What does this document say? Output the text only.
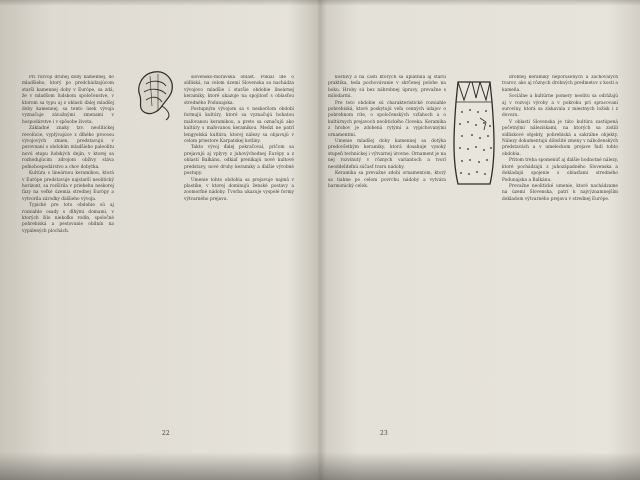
Pri rozvoji druhej doby kamennej, do mladšieho, ktorý po predchádzajúcom starší kamennej doby v Európe, sa zdá, že v mladšom ľudskom spoločenstve, v ktorom sa typu aj z oblasti ďalej mladšej doby kamennej, sa tento úsek vývoja vyznačuje závažnými zmenami v hospodárstve i v spôsobe života.

Základné znaky tzv. neolitickej revolúcie, vyplývajúce z dlhého procesu vývojových zmien, predstavujú v porovnaní s obdobím mladšieho paleolitu novú etapu ľudských dejín, v ktorej sa rozhodujúcim zdrojom obživy stáva poľnohospodárstvo a chov dobytka.

Kultúra s lineárnou keramikou, ktorá v Európe predstavuje najstarší neolitický horizont, sa rozšírila v priebehu neskorej fázy na veľké územia strednej Európy a vytvorila zárodky ďalšieho vývoja.

Typické pre toto obdobie sú aj rozsiahle osady s dlhými domami, v ktorých žilo niekoľko rodín, spoločné pohrebiská a pestovanie obilnín na vypálených plochách.

slovensko-moravská oblasť. Pokiaľ ide o sídliská, na celom území Slovenska sa nachádza vývojovo mladšie i staršie obdobie lineárnej keramiky, ktoré ukazuje na spojitosť s oblasťou stredného Podunajska.

Postupným vývojom sa v neskoršom období formujú kultúry, ktoré sa vyznačujú bohatou maľovanou keramikou, a preto sa označujú ako kultúry s maľovanou keramikou. Medzi ne patrí lengyelská kultúra, ktorej nálezy sa objavujú v celom priestore Karpatskej kotliny.

Takto vývoj ďalej pokračoval, pričom sa prejavujú aj vplyvy z juhovýchodnej Európy a z oblastí Balkánu, odkiaľ prenikajú nové kultové predstavy, nové druhy keramiky a ďalšie výrobné postupy.

Umenie tohto obdobia sa prejavuje najmä v plastike, v ktorej dominujú ženské postavy a zoomorfné nádoby. Tvorba ukazuje vyspelé formy výtvarného prejavu.

22

kostlivý a na časti ktorých sa uplatnila aj starší praktika, teda pochovávanie v skrčenej polohe na boku. Hroby sú bez náhrobnej úpravy, prevažne s milodarmi.

Pre toto obdobie sú charakteristické rozsiahle pohrebiská, ktoré poskytujú veľa cenných údajov o pohrebnom ríte, o spoločenských vzťahoch a o kultúrnych prejavoch neolitického človeka. Keramika z hrobov je zdobená rytými a vypichovanými ornamentmi.

Umenie mladšej doby kamennej sa dotýka predovšetkým keramiky, ktorá dosahuje vysoký stupeň technickej i výtvarnej úrovne. Ornament je na nej rozvinutý v rôznych variantoch a tvorí neoddeliteľnú súčasť tvaru nádoby.

Keramika sa prevažne zdobí ornamentom, ktorý sa tiahne po celom povrchu nádoby a vytvára harmonický celok.

drobnej keramiky neporušených a zachovalých tvarov, ako aj rôznych drobných predmetov z kosti a kameňa.

Sociálne a kultúrne pomery neolitu sa odrážajú aj v rozvoji výroby a v pokroku pri spracovaní suroviny, ktorá sa získavala z miestnych ložísk i z dovozu.

V oblasti Slovenska je táto kultúra zastúpená početnými náleziskami, na ktorých sa zistili sídliskové objekty, pohrebiská a sakrálne objekty. Nálezy dokumentujú dôležité zmeny v náboženských predstavách a v umeleckom prejave ľudí tohto obdobia.

Pritom treba spomenúť aj ďalšie hodnotné nálezy, ktoré pochádzajú z juhozápadného Slovenska a dokladajú spojenie s oblasťami stredného Podunajska a Balkánu.

Prevažne neolitické umenie, ktoré nachádzame na území Slovenska, patrí k najvýznamnejším dokladom výtvarného prejavu v strednej Európe.

23
